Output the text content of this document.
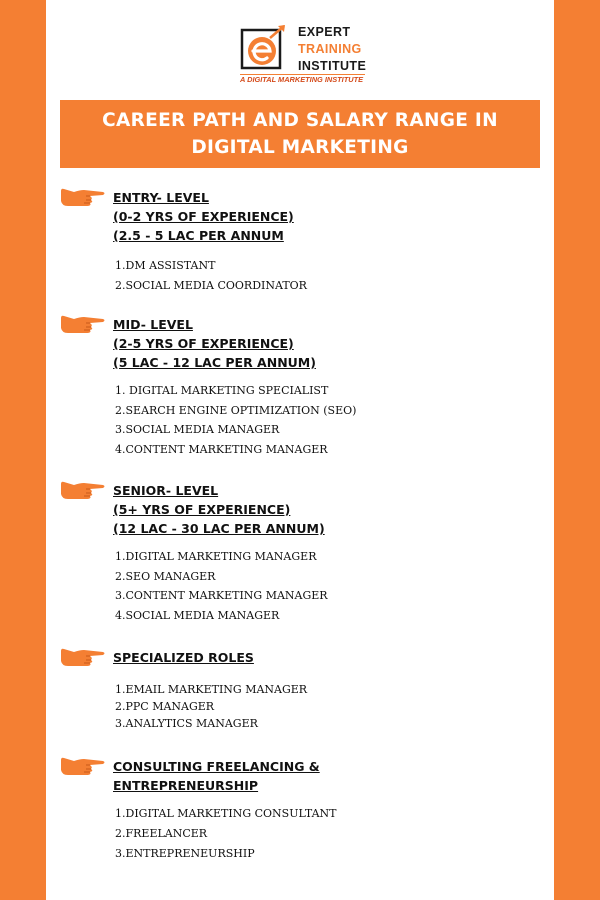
EXPERT
TRAINING
INSTITUTE
A DIGITAL MARKETING INSTITUTE
CAREER PATH AND SALARY RANGE IN
DIGITAL MARKETING
ENTRY- LEVEL
(0-2 YRS OF EXPERIENCE)
(2.5 - 5 LAC PER ANNUM
1.DM ASSISTANT
2.SOCIAL MEDIA COORDINATOR
MID- LEVEL
(2-5 YRS OF EXPERIENCE)
(5 LAC - 12 LAC PER ANNUM)
1. DIGITAL MARKETING SPECIALIST
2.SEARCH ENGINE OPTIMIZATION (SEO)
3.SOCIAL MEDIA MANAGER
4.CONTENT MARKETING MANAGER
SENIOR- LEVEL
(5+ YRS OF EXPERIENCE)
(12 LAC - 30 LAC PER ANNUM)
1.DIGITAL MARKETING MANAGER
2.SEO MANAGER
3.CONTENT MARKETING MANAGER
4.SOCIAL MEDIA MANAGER
SPECIALIZED ROLES
1.EMAIL MARKETING MANAGER
2.PPC MANAGER
3.ANALYTICS MANAGER
CONSULTING FREELANCING &
ENTREPRENEURSHIP
1.DIGITAL MARKETING CONSULTANT
2.FREELANCER
3.ENTREPRENEURSHIP
